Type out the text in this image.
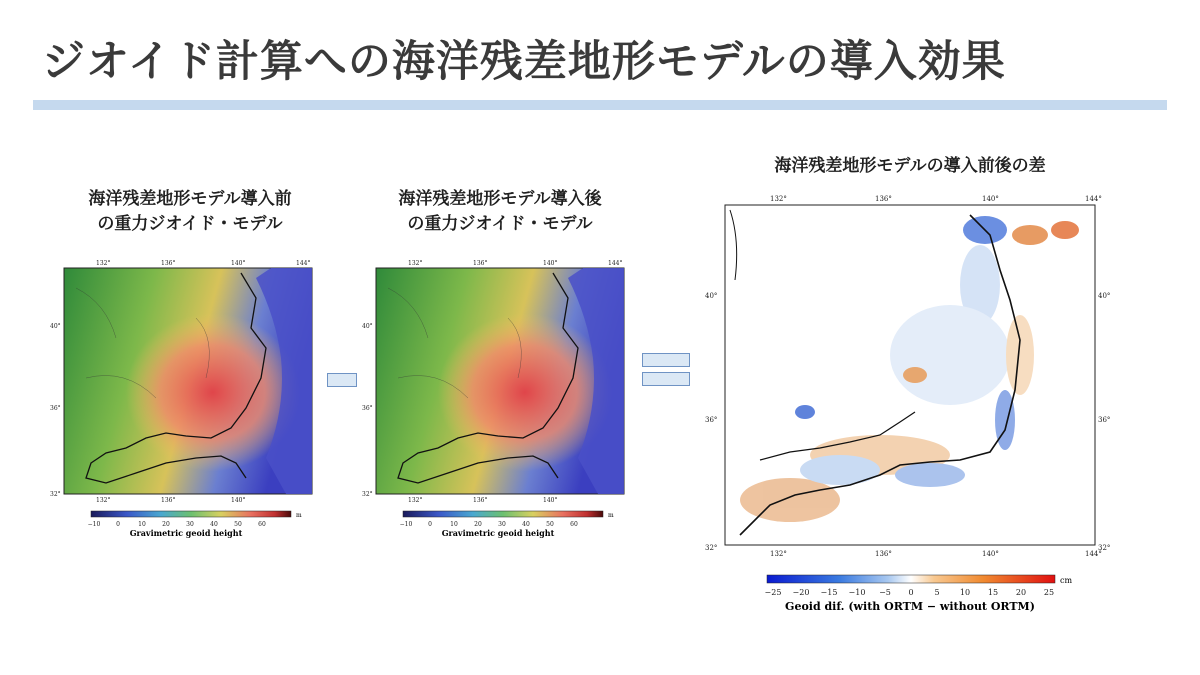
ジオイド計算への海洋残差地形モデルの導入効果
海洋残差地形モデル導入前
の重力ジオイド・モデル
132°	136°	140°	144°
132°	136°	140°
32°
36°
40°
m
−10	0	10	20	30	40	50	60
Gravimetric geoid height
海洋残差地形モデル導入後
の重力ジオイド・モデル
132°	136°	140°	144°
132°	136°	140°
32°
36°
40°
m
−10	0	10	20	30	40	50	60
Gravimetric geoid height
海洋残差地形モデルの導入前後の差
132°	136°	140°	144°
132°	136°	140°	144°
32°
36°
40°
32°
36°
40°
cm
−25 −20 −15 −10 −5 0	5	10 15 20 25
Geoid dif. (with ORTM − without ORTM)
